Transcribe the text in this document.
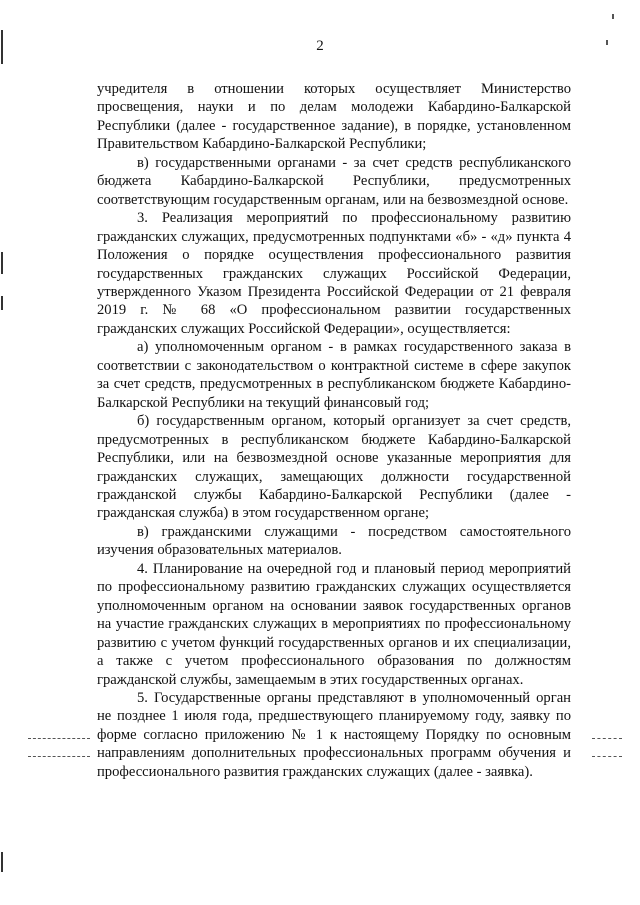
2

учредителя в отношении которых осуществляет Министерство просвещения, науки и по делам молодежи Кабардино-Балкарской Республики (далее - государственное задание), в порядке, установленном Правительством Кабардино-Балкарской Республики;

в) государственными органами - за счет средств республиканского бюджета Кабардино-Балкарской Республики, предусмотренных соответствующим государственным органам, или на безвозмездной основе.

3. Реализация мероприятий по профессиональному развитию гражданских служащих, предусмотренных подпунктами «б» - «д» пункта 4 Положения о порядке осуществления профессионального развития государственных гражданских служащих Российской Федерации, утвержденного Указом Президента Российской Федерации от 21 февраля 2019 г. № 68 «О профессиональном развитии государственных гражданских служащих Российской Федерации», осуществляется:

а) уполномоченным органом - в рамках государственного заказа в соответствии с законодательством о контрактной системе в сфере закупок за счет средств, предусмотренных в республиканском бюджете Кабардино-Балкарской Республики на текущий финансовый год;

б) государственным органом, который организует за счет средств, предусмотренных в республиканском бюджете Кабардино-Балкарской Республики, или на безвозмездной основе указанные мероприятия для гражданских служащих, замещающих должности государственной гражданской службы Кабардино-Балкарской Республики (далее - гражданская служба) в этом государственном органе;

в) гражданскими служащими - посредством самостоятельного изучения образовательных материалов.

4. Планирование на очередной год и плановый период мероприятий по профессиональному развитию гражданских служащих осуществляется уполномоченным органом на основании заявок государственных органов на участие гражданских служащих в мероприятиях по профессиональному развитию с учетом функций государственных органов и их специализации, а также с учетом профессионального образования по должностям гражданской службы, замещаемым в этих государственных органах.

5. Государственные органы представляют в уполномоченный орган не позднее 1 июля года, предшествующего планируемому году, заявку по форме согласно приложению № 1 к настоящему Порядку по основным направлениям дополнительных профессиональных программ обучения и профессионального развития гражданских служащих (далее - заявка).
